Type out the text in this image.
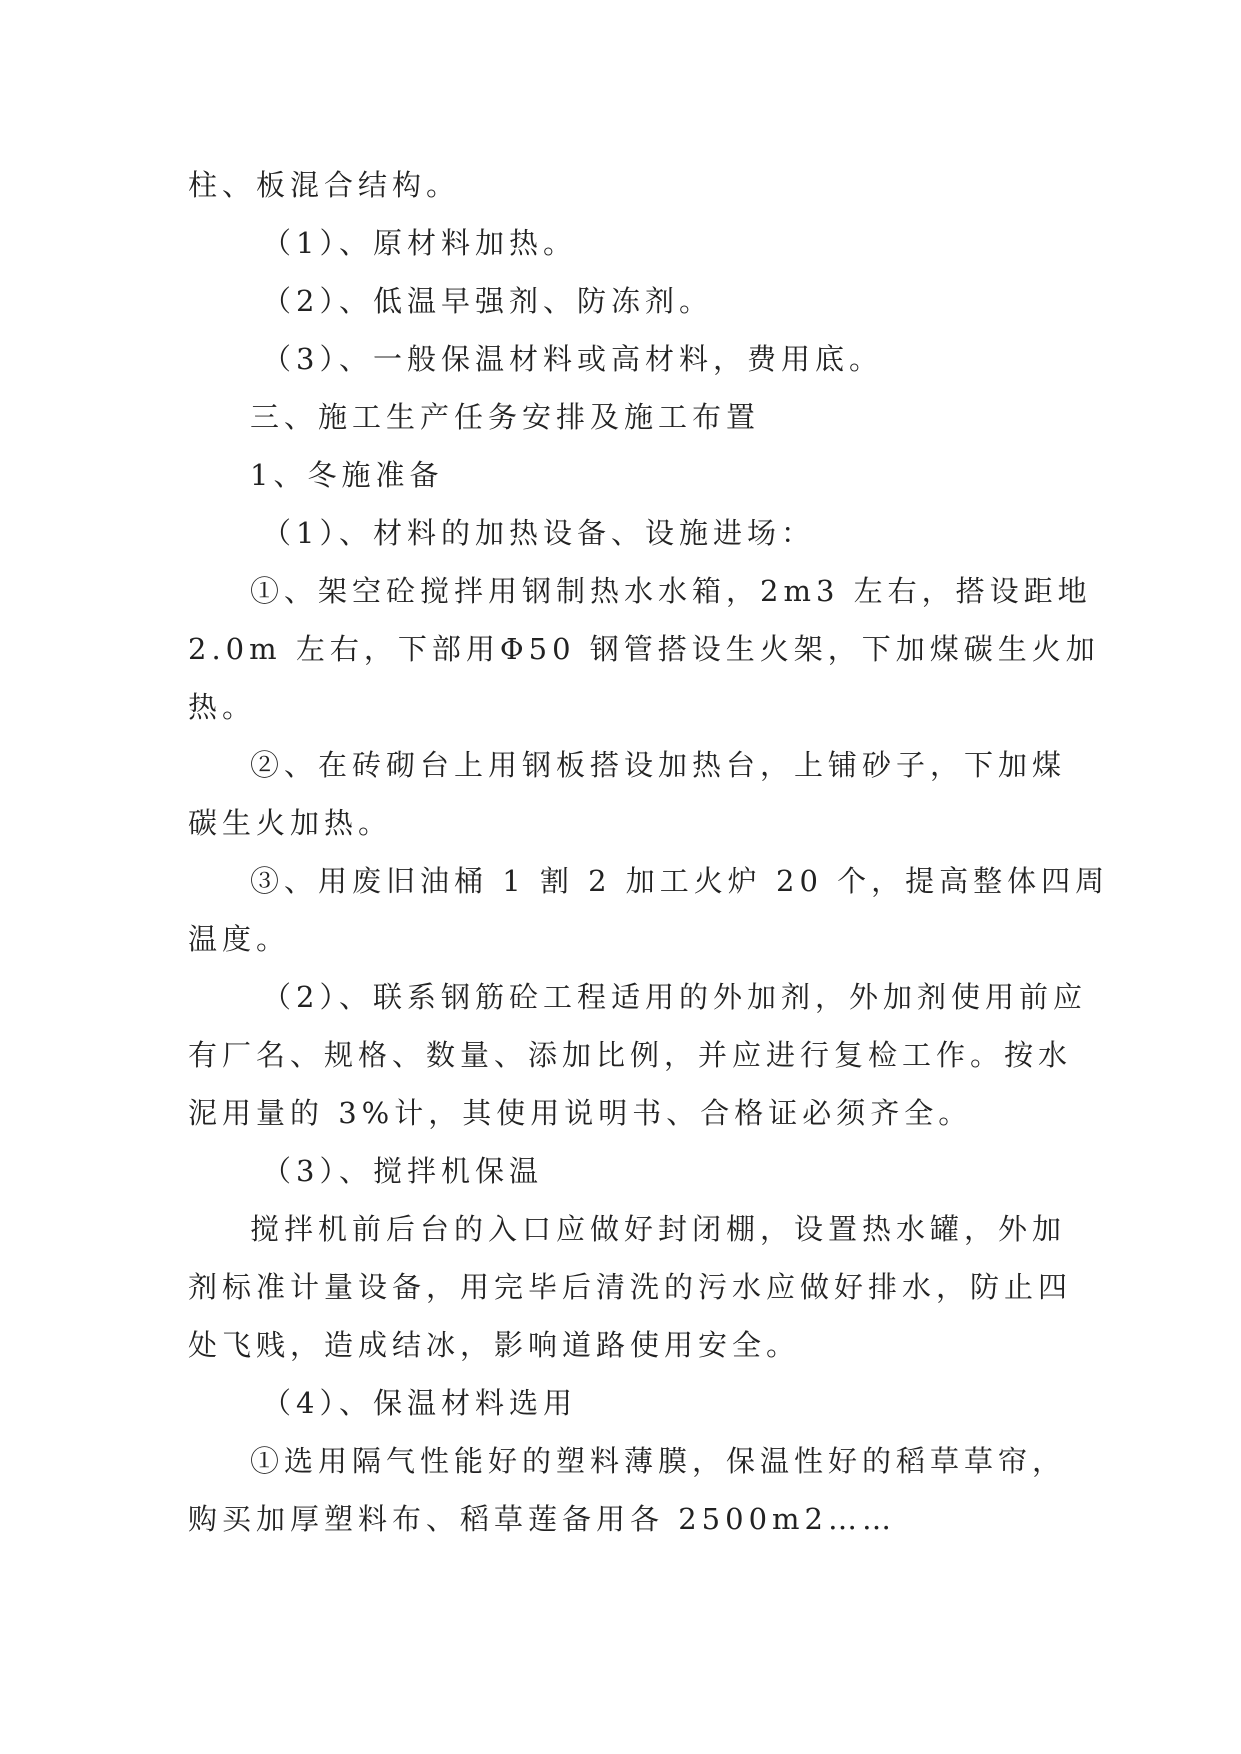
柱、板混合结构。
（1）、原材料加热。
（2）、低温早强剂、防冻剂。
（3）、一般保温材料或高材料，费用底。
三、施工生产任务安排及施工布置
1、冬施准备
（1）、材料的加热设备、设施进场：
①、架空砼搅拌用钢制热水水箱，2m3 左右，搭设距地
2.0m 左右，下部用Φ50 钢管搭设生火架，下加煤碳生火加
热。
②、在砖砌台上用钢板搭设加热台，上铺砂子，下加煤
碳生火加热。
③、用废旧油桶 1 割 2 加工火炉 20 个，提高整体四周
温度。
（2）、联系钢筋砼工程适用的外加剂，外加剂使用前应
有厂名、规格、数量、添加比例，并应进行复检工作。按水
泥用量的 3%计，其使用说明书、合格证必须齐全。
（3）、搅拌机保温
搅拌机前后台的入口应做好封闭棚，设置热水罐，外加
剂标准计量设备，用完毕后清洗的污水应做好排水，防止四
处飞贱，造成结冰，影响道路使用安全。
（4）、保温材料选用
①选用隔气性能好的塑料薄膜，保温性好的稻草草帘，
购买加厚塑料布、稻草莲备用各 2500m2……
